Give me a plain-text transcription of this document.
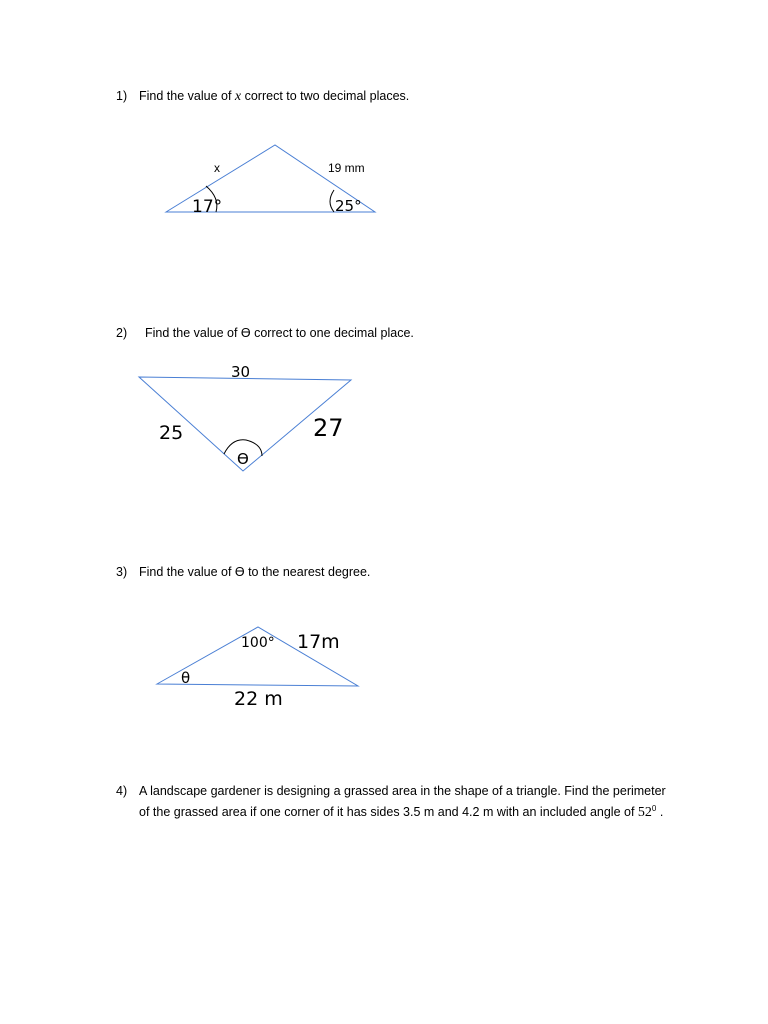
1) Find the value of x correct to two decimal places.
2) Find the value of ϴ correct to one decimal place.
3) Find the value of ϴ to the nearest degree.
4) A landscape gardener is designing a grassed area in the shape of a triangle. Find the perimeter of the grassed area if one corner of it has sides 3.5 m and 4.2 m with an included angle of $52^0$ .
x	19 mm
17°	25°
30
25	27
ϴ
100° 17m
22 m
θ
